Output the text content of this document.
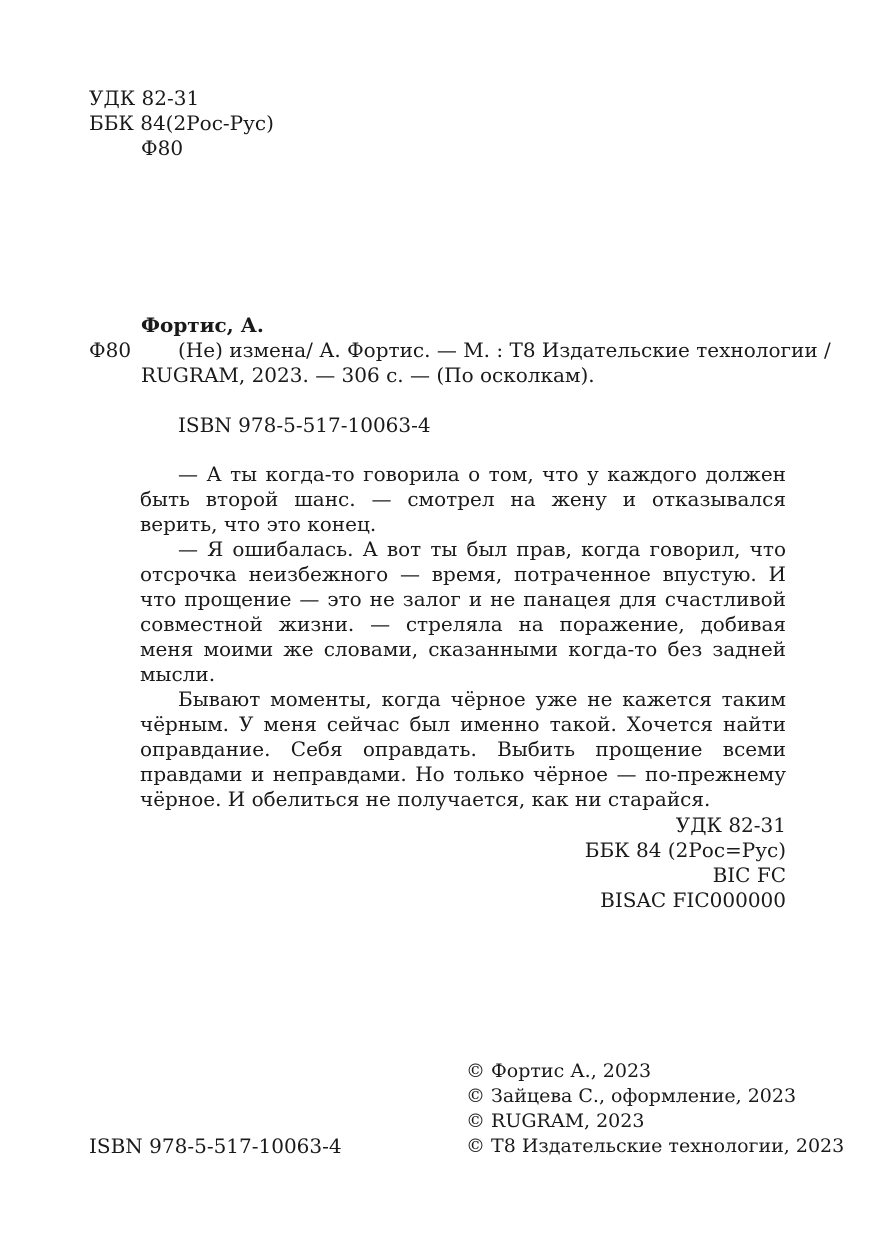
УДК 82-31
ББК 84(2Рос-Рус)
Ф80
Фортис, А.
Ф80 (Не) измена/ А. Фортис. — М. : Т8 Издательские технологии /
RUGRAM, 2023. — 306 с. — (По осколкам).
ISBN 978-5-517-10063-4

— А ты когда-то говорила о том, что у каждого должен быть второй шанс. — смотрел на жену и отказывался верить, что это конец.

— Я ошибалась. А вот ты был прав, когда говорил, что отсрочка неизбежного — время, потраченное впустую. И что прощение — это не залог и не панацея для счастливой совместной жизни. — стреляла на поражение, добивая меня моими же словами, сказанными когда-то без задней мысли.

Бывают моменты, когда чёрное уже не кажется таким чёрным. У меня сейчас был именно такой. Хочется найти оправдание. Себя оправдать. Выбить прощение всеми правдами и неправдами. Но только чёрное — по-прежнему чёрное. И обелиться не получается, как ни старайся.

УДК 82-31
ББК 84 (2Рос=Рус)
BIC FC
BISAC FIC000000
© Фортис А., 2023
© Зайцева С., оформление, 2023
© RUGRAM, 2023
© Т8 Издательские технологии, 2023
ISBN 978-5-517-10063-4
